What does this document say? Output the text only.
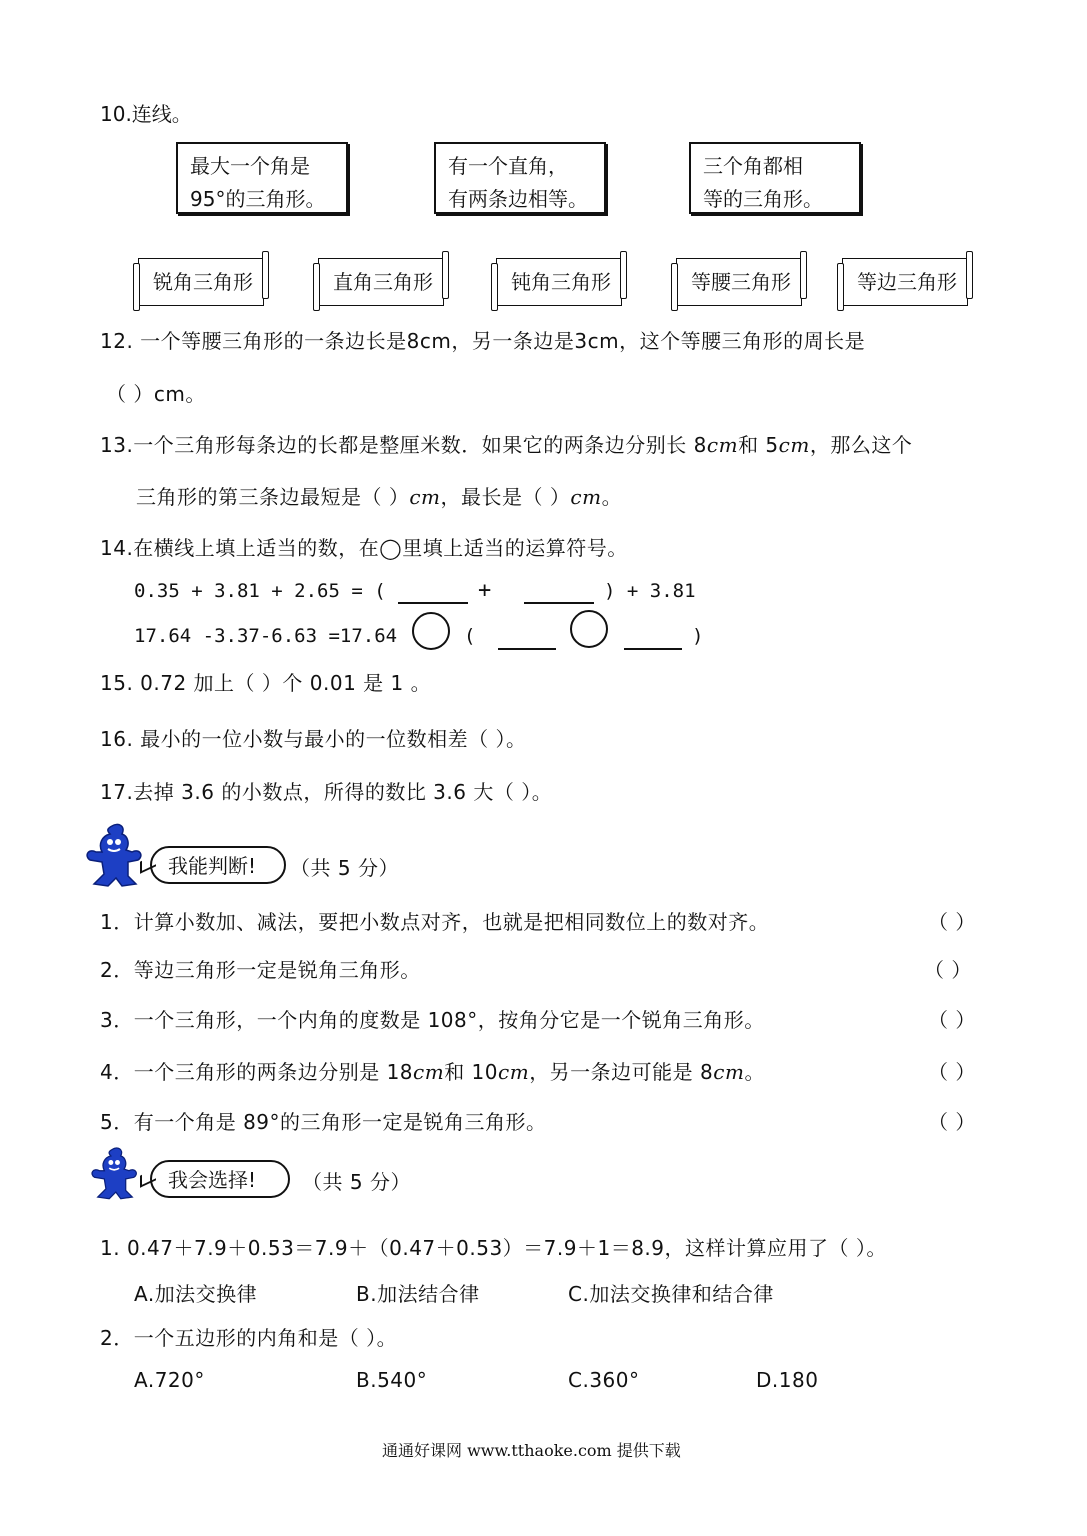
10.连线。
最大一个角是
95°的三角形。
有一个直角，
有两条边相等。
三个角都相
等的三角形。
锐角三角形	直角三角形	钝角三角形	等腰三角形	等边三角形
12. 一个等腰三角形的一条边长是8cm，另一条边是3cm，这个等腰三角形的周长是
（ ）cm。
13.一个三角形每条边的长都是整厘米数．如果它的两条边分别长 8cm和 5cm，那么这个
三角形的第三条边最短是（ ）cm，最长是（ ）cm。
14.在横线上填上适当的数，在◯里填上适当的运算符号。
0.35 + 3.81 + 2.65 = (	+	) + 3.81
17.64 -3.37-6.63 =17.64	(	)
15. 0.72 加上（ ）个 0.01 是 1 。
16. 最小的一位小数与最小的一位数相差（ ）。
17.去掉 3.6 的小数点，所得的数比 3.6 大（ ）。
我能判断!	（共 5 分）
1．计算小数加、减法，要把小数点对齐，也就是把相同数位上的数对齐。	（ ）
2．等边三角形一定是锐角三角形。	（ ）
3．一个三角形，一个内角的度数是 108°，按角分它是一个锐角三角形。	（ ）
4．一个三角形的两条边分别是 18cm和 10cm，另一条边可能是 8cm。	（ ）
5．有一个角是 89°的三角形一定是锐角三角形。	（ ）
我会选择!	（共 5 分）
1. 0.47＋7.9＋0.53＝7.9＋（0.47＋0.53）＝7.9＋1＝8.9，这样计算应用了（ ）。
A.加法交换律	B.加法结合律	C.加法交换律和结合律
2．一个五边形的内角和是（ ）。
A.720°	B.540°	C.360°	D.180
通通好课网 www.tthaoke.com 提供下载
